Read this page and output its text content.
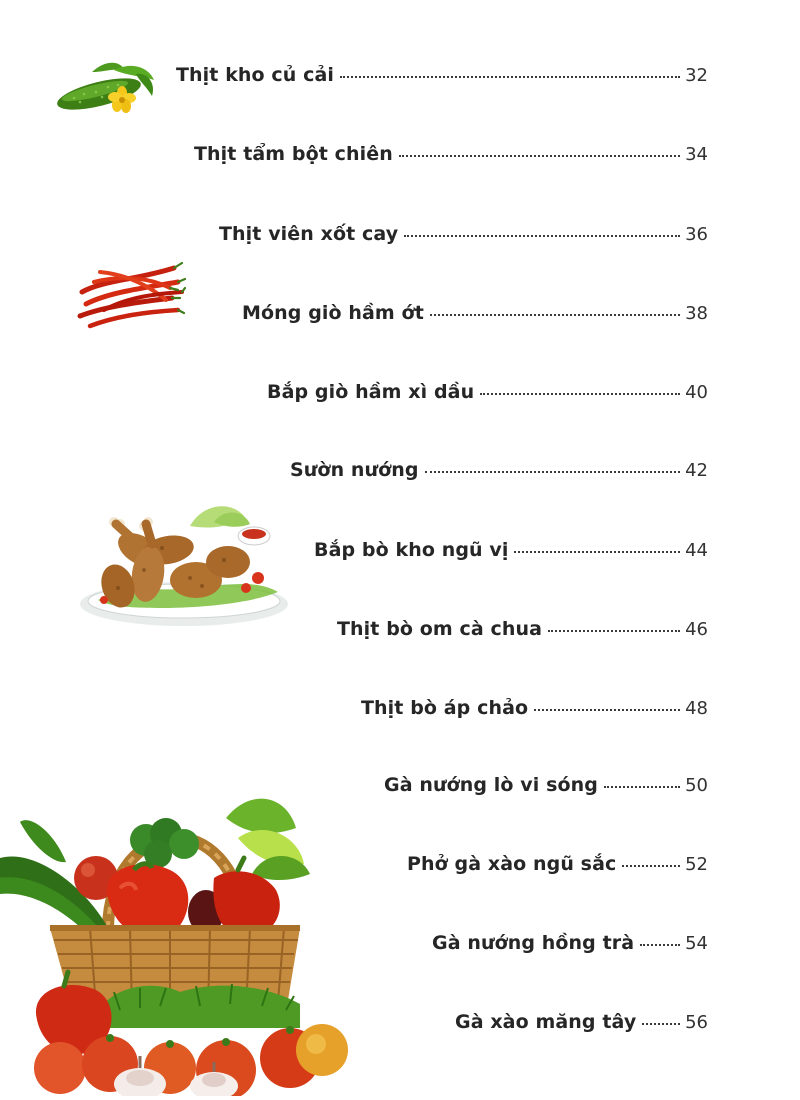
Thịt kho củ cải	32
Thịt tẩm bột chiên	34
Thịt viên xốt cay	36
Móng giò hầm ớt	38
Bắp giò hầm xì dầu	40
Sườn nướng	42
Bắp bò kho ngũ vị	44
Thịt bò om cà chua	46
Thịt bò áp chảo	48
Gà nướng lò vi sóng	50
Phở gà xào ngũ sắc	52
Gà nướng hồng trà	54
Gà xào măng tây	56
